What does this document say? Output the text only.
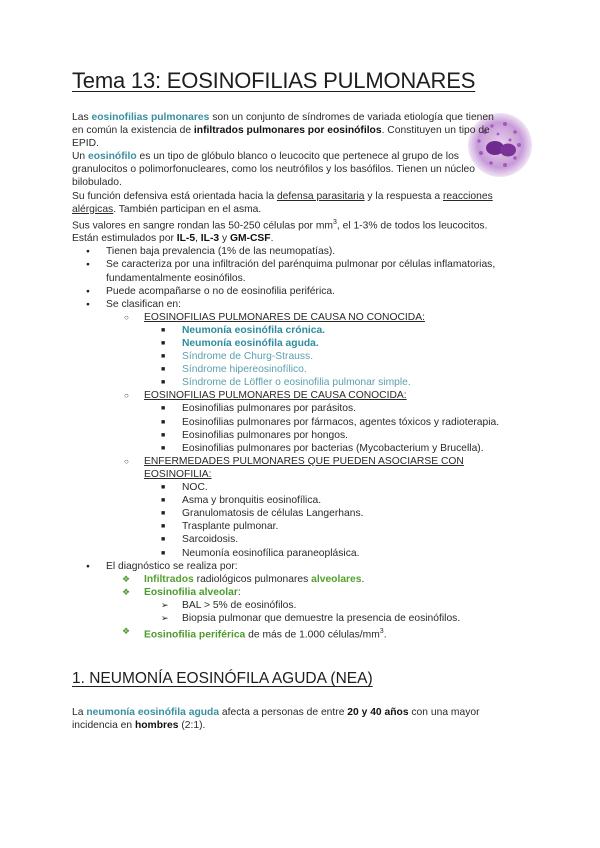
Tema 13: EOSINOFILIAS PULMONARES

Las eosinofilias pulmonares son un conjunto de síndromes de variada etiología que tienen en común la existencia de infiltrados pulmonares por eosinófilos. Constituyen un tipo de EPID.

Un eosinófilo es un tipo de glóbulo blanco o leucocito que pertenece al grupo de los granulocitos o polimorfonucleares, como los neutrófilos y los basófilos. Tienen un núcleo bilobulado.

Su función defensiva está orientada hacia la defensa parasitaria y la respuesta a reacciones alérgicas. También participan en el asma.

Sus valores en sangre rondan las 50-250 células por $mm^3$, el 1-3% de todos los leucocitos.

Están estimulados por IL-5, IL-3 y GM-CSF.

● Tienen baja prevalencia (1% de las neumopatías).
● Se caracteriza por una infiltración del parénquima pulmonar por células inflamatorias, fundamentalmente eosinófilos.
● Puede acompañarse o no de eosinofilia periférica.
● Se clasifican en:
○ EOSINOFILIAS PULMONARES DE CAUSA NO CONOCIDA:
■ Neumonía eosinófila crónica.
■ Neumonía eosinófila aguda.
■ Síndrome de Churg-Strauss.
■ Síndrome hipereosinofílico.
■ Síndrome de Löffler o eosinofilia pulmonar simple.
○ EOSINOFILIAS PULMONARES DE CAUSA CONOCIDA:
■ Eosinofilias pulmonares por parásitos.
■ Eosinofilias pulmonares por fármacos, agentes tóxicos y radioterapia.
■ Eosinofilias pulmonares por hongos.
■ Eosinofilias pulmonares por bacterias (Mycobacterium y Brucella).
○ ENFERMEDADES PULMONARES QUE PUEDEN ASOCIARSE CON EOSINOFILIA:
■ NOC.
■ Asma y bronquitis eosinofílica.
■ Granulomatosis de células Langerhans.
■ Trasplante pulmonar.
■ Sarcoidosis.
■ Neumonía eosinofílica paraneoplásica.
● El diagnóstico se realiza por:
❖ Infiltrados radiológicos pulmonares alveolares.
❖ Eosinofilia alveolar:
➢ BAL > 5% de eosinófilos.
➢ Biopsia pulmonar que demuestre la presencia de eosinófilos.
❖ Eosinofilia periférica de más de 1.000 células/$mm^3$.
1. NEUMONÍA EOSINÓFILA AGUDA (NEA)
La neumonía eosinófila aguda afecta a personas de entre 20 y 40 años con una mayor incidencia en hombres (2:1).
